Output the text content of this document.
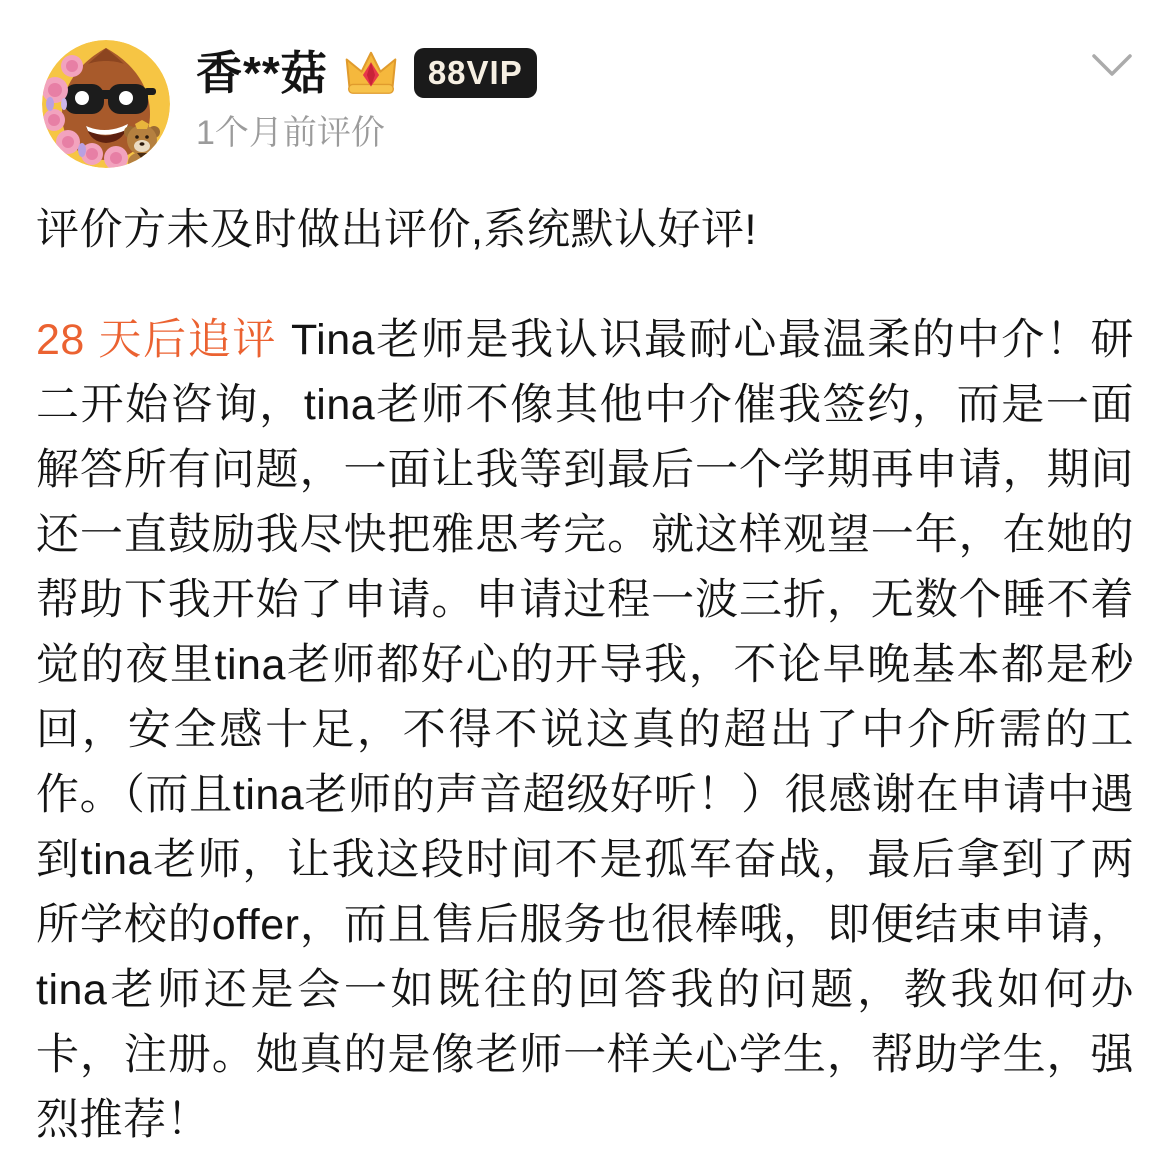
香**菇	88VIP
1个月前评价
评价方未及时做出评价,系统默认好评!
28 天后追评 Tina老师是我认识最耐心最温柔的中介！研二开始咨询，tina老师不像其他中介催我签约，而是一面解答所有问题，一面让我等到最后一个学期再申请，期间还一直鼓励我尽快把雅思考完。就这样观望一年，在她的帮助下我开始了申请。申请过程一波三折，无数个睡不着觉的夜里tina老师都好心的开导我，不论早晚基本都是秒回，安全感十足，不得不说这真的超出了中介所需的工作。（而且tina老师的声音超级好听！）很感谢在申请中遇到tina老师，让我这段时间不是孤军奋战，最后拿到了两所学校的offer，而且售后服务也很棒哦，即便结束申请，tina老师还是会一如既往的回答我的问题，教我如何办卡，注册。她真的是像老师一样关心学生，帮助学生，强烈推荐！
